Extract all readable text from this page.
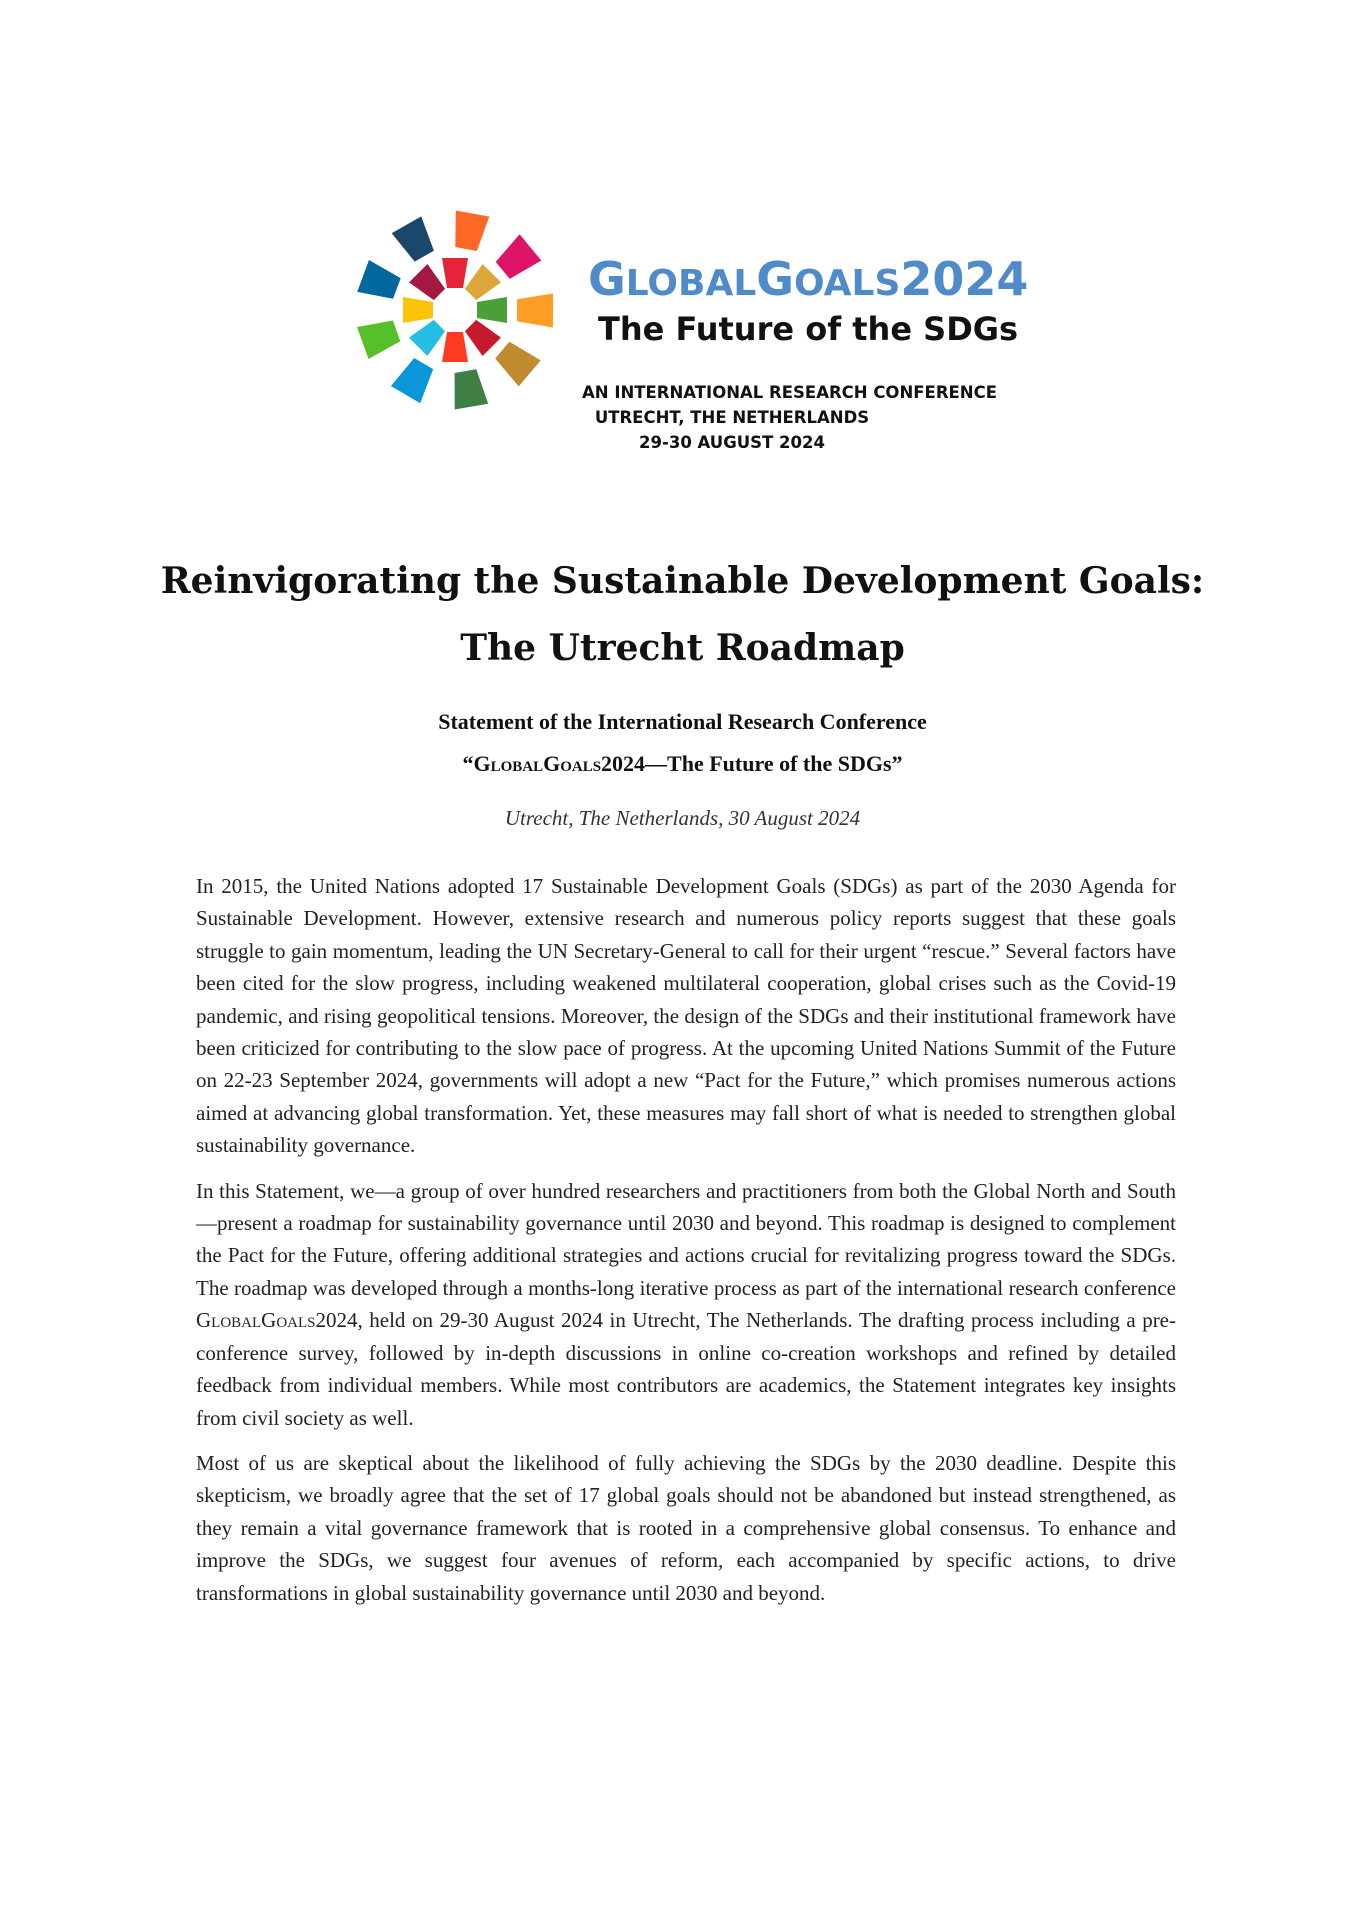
GLOBALGOALS2024
The Future of the SDGs
AN INTERNATIONAL RESEARCH CONFERENCE
UTRECHT, THE NETHERLANDS
29-30 AUGUST 2024
Reinvigorating the Sustainable Development Goals:
The Utrecht Roadmap
Statement of the International Research Conference
“GlobalGoals2024—The Future of the SDGs”
Utrecht, The Netherlands, 30 August 2024

In 2015, the United Nations adopted 17 Sustainable Development Goals (SDGs) as part of the 2030 Agenda for Sustainable Development. However, extensive research and numerous policy reports suggest that these goals struggle to gain momentum, leading the UN Secretary-General to call for their urgent “rescue.” Several factors have been cited for the slow progress, including weakened multilateral cooperation, global crises such as the Covid-19 pandemic, and rising geopolitical tensions. Moreover, the design of the SDGs and their institutional framework have been criticized for contributing to the slow pace of progress. At the upcoming United Nations Summit of the Future on 22-23 September 2024, governments will adopt a new “Pact for the Future,” which promises numerous actions aimed at advancing global transformation. Yet, these measures may fall short of what is needed to strengthen global sustainability governance.

In this Statement, we—a group of over hundred researchers and practitioners from both the Global North and South—present a roadmap for sustainability governance until 2030 and beyond. This roadmap is designed to complement the Pact for the Future, offering additional strategies and actions crucial for revitalizing progress toward the SDGs. The roadmap was developed through a months-long iterative process as part of the international research conference GlobalGoals2024, held on 29-30 August 2024 in Utrecht, The Netherlands. The drafting process including a pre-conference survey, followed by in-depth discussions in online co-creation workshops and refined by detailed feedback from individual members. While most contributors are academics, the Statement integrates key insights from civil society as well.

Most of us are skeptical about the likelihood of fully achieving the SDGs by the 2030 deadline. Despite this skepticism, we broadly agree that the set of 17 global goals should not be abandoned but instead strengthened, as they remain a vital governance framework that is rooted in a comprehensive global consensus. To enhance and improve the SDGs, we suggest four avenues of reform, each accompanied by specific actions, to drive transformations in global sustainability governance until 2030 and beyond.
